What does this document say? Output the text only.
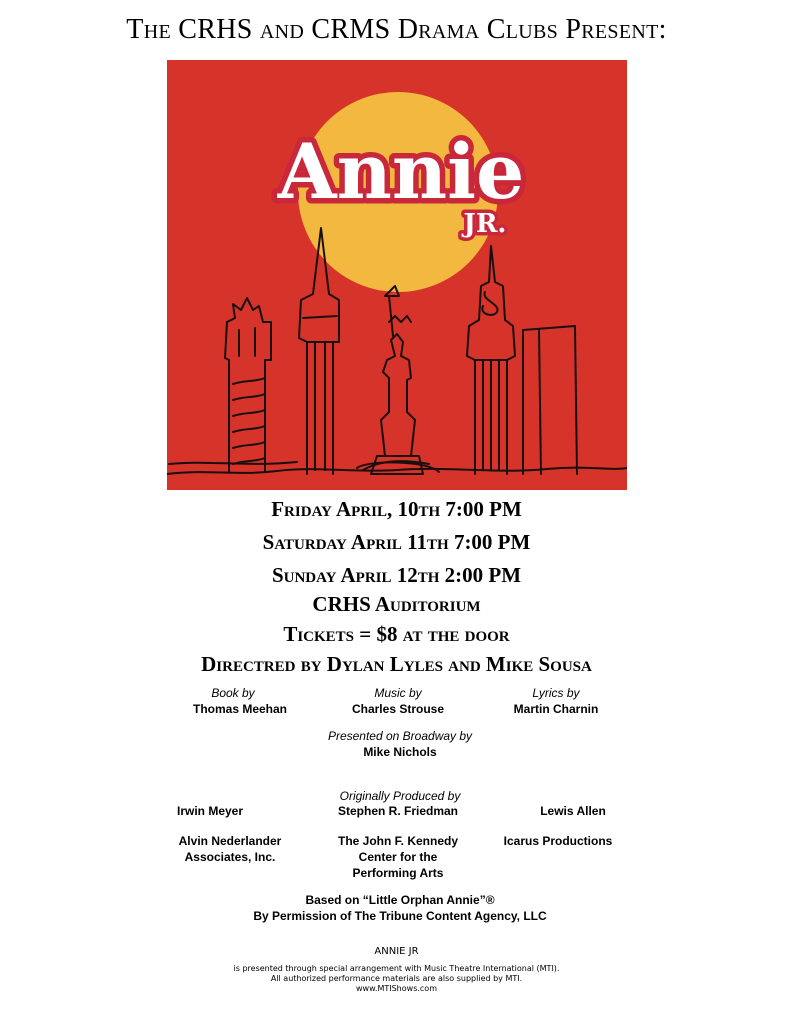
The CRHS and CRMS Drama Clubs Present:
Annie
JR.
Friday April, 10th 7:00 PM
Saturday April 11th 7:00 PM
Sunday April 12th 2:00 PM
CRHS Auditorium
Tickets = $8 at the door
Directred by Dylan Lyles and Mike Sousa
Book by
Thomas Meehan
Music by
Charles Strouse
Lyrics by
Martin Charnin
Presented on Broadway by
Mike Nichols
Originally Produced by
Irwin Meyer	Stephen R. Friedman	Lewis Allen
Alvin Nederlander
Associates, Inc.
The John F. Kennedy
Center for the
Performing Arts
Icarus Productions
Based on “Little Orphan Annie”®
By Permission of The Tribune Content Agency, LLC
ANNIE JR
is presented through special arrangement with Music Theatre International (MTI).
All authorized performance materials are also supplied by MTI.
www.MTIShows.com
